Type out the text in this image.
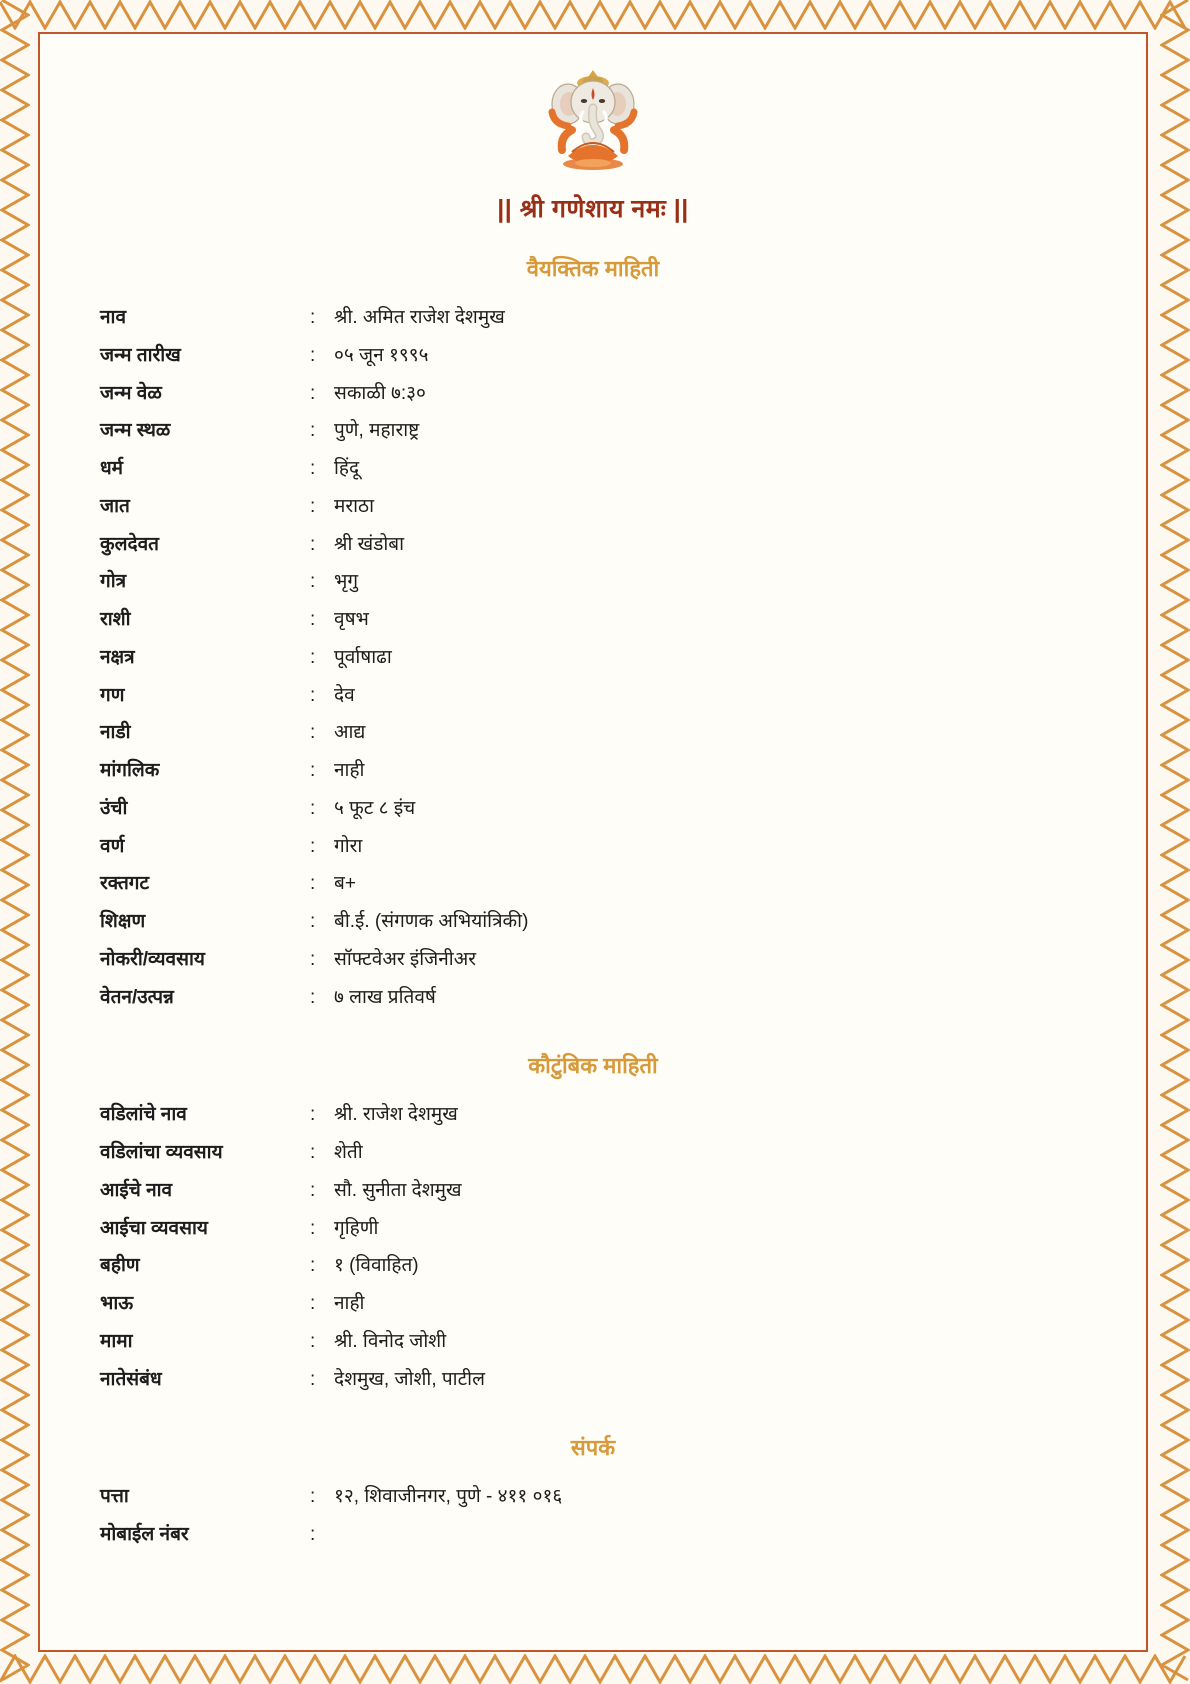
|| श्री गणेशाय नमः ||
वैयक्तिक माहिती
नाव	:	श्री. अमित राजेश देशमुख
जन्म तारीख	:	०५ जून १९९५
जन्म वेळ	:	सकाळी ७:३०
जन्म स्थळ	:	पुणे, महाराष्ट्र
धर्म	:	हिंदू
जात	:	मराठा
कुलदेवत	:	श्री खंडोबा
गोत्र	:	भृगु
राशी	:	वृषभ
नक्षत्र	:	पूर्वाषाढा
गण	:	देव
नाडी	:	आद्य
मांगलिक	:	नाही
उंची	:	५ फूट ८ इंच
वर्ण	:	गोरा
रक्तगट	:	ब+
शिक्षण	:	बी.ई. (संगणक अभियांत्रिकी)
नोकरी/व्यवसाय	:	सॉफ्टवेअर इंजिनीअर
वेतन/उत्पन्न	:	७ लाख प्रतिवर्ष
कौटुंबिक माहिती
वडिलांचे नाव	:	श्री. राजेश देशमुख
वडिलांचा व्यवसाय	:	शेती
आईचे नाव	:	सौ. सुनीता देशमुख
आईचा व्यवसाय	:	गृहिणी
बहीण	:	१ (विवाहित)
भाऊ	:	नाही
मामा	:	श्री. विनोद जोशी
नातेसंबंध	:	देशमुख, जोशी, पाटील
संपर्क
पत्ता	:	१२, शिवाजीनगर, पुणे - ४११ ०१६
मोबाईल नंबर	:	
